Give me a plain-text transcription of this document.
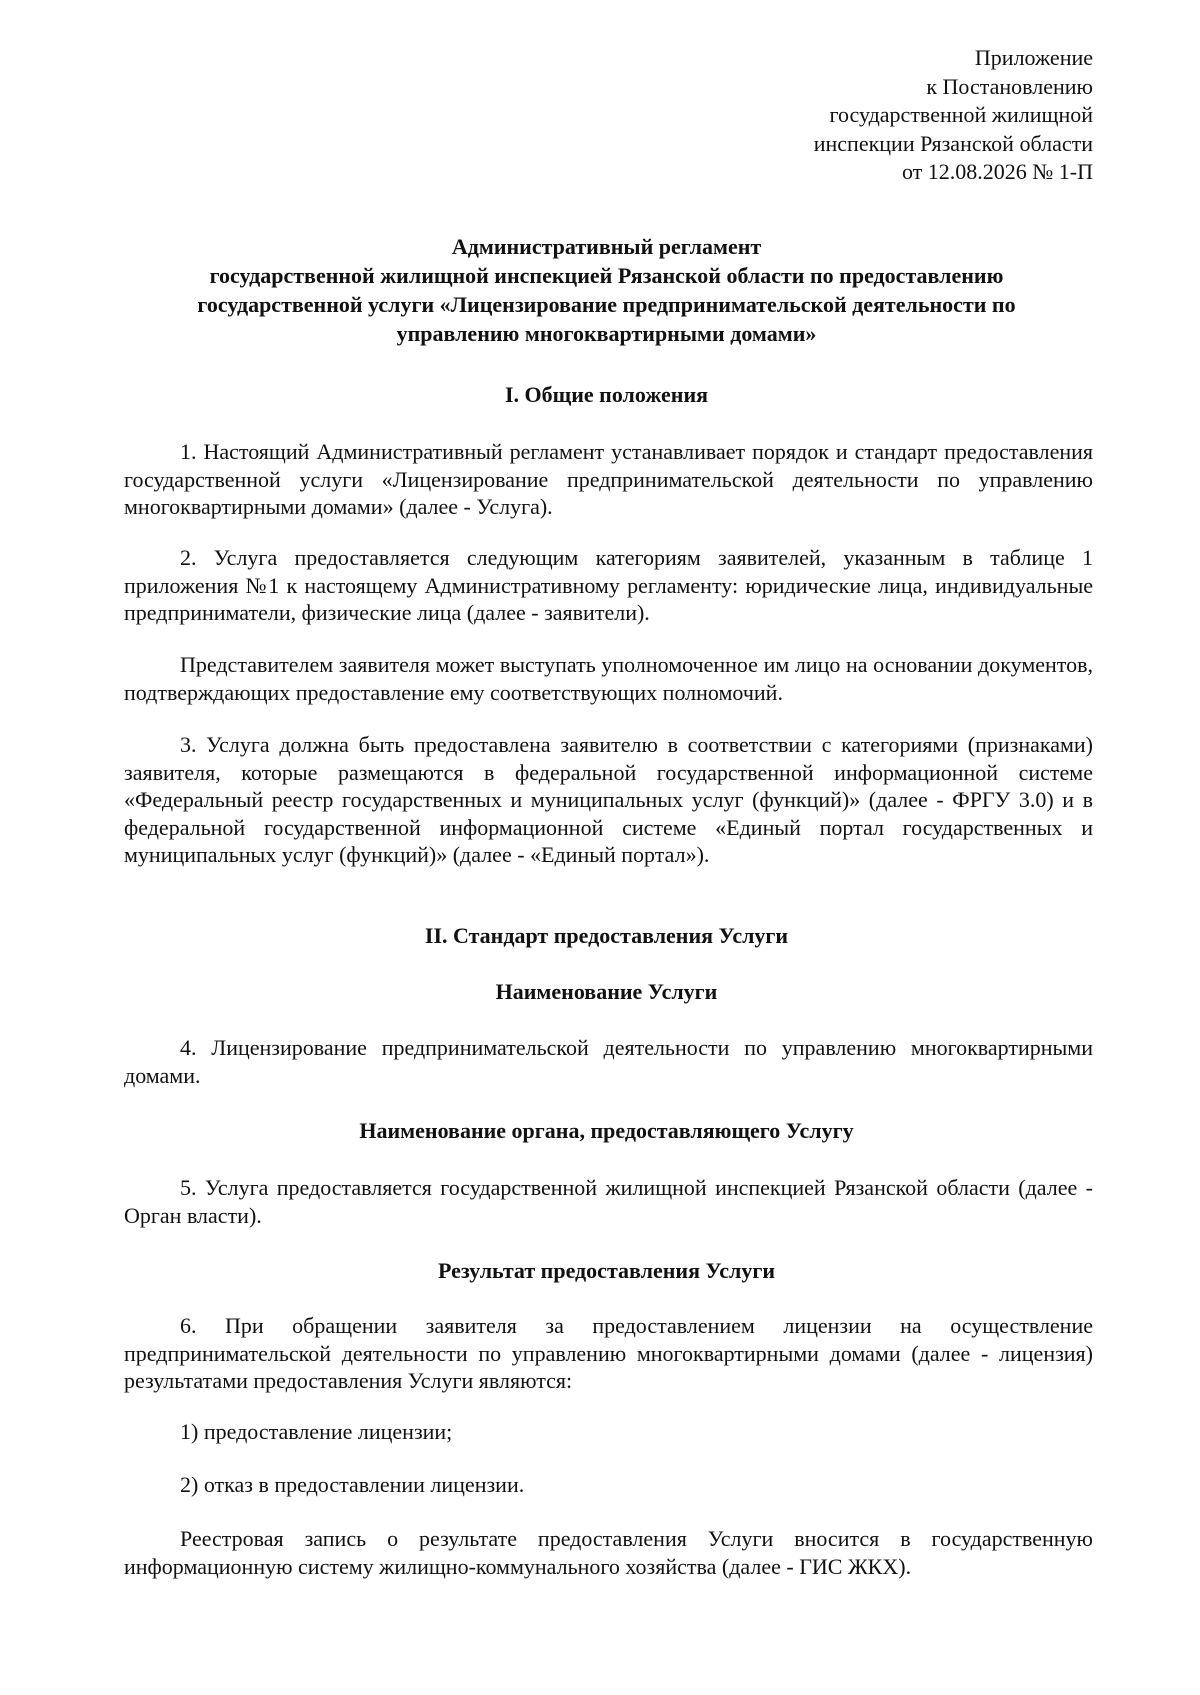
Приложение
к Постановлению
государственной жилищной
инспекции Рязанской области
от 12.08.2026 № 1-П
Административный регламент
государственной жилищной инспекцией Рязанской области по предоставлению
государственной услуги «Лицензирование предпринимательской деятельности по
управлению многоквартирными домами»
I. Общие положения
1. Настоящий Административный регламент устанавливает порядок и стандарт предоставления государственной услуги «Лицензирование предпринимательской деятельности по управлению многоквартирными домами» (далее - Услуга).
2. Услуга предоставляется следующим категориям заявителей, указанным в таблице 1 приложения №1 к настоящему Административному регламенту: юридические лица, индивидуальные предприниматели, физические лица (далее - заявители).
Представителем заявителя может выступать уполномоченное им лицо на основании документов, подтверждающих предоставление ему соответствующих полномочий.
3. Услуга должна быть предоставлена заявителю в соответствии с категориями (признаками) заявителя, которые размещаются в федеральной государственной информационной системе «Федеральный реестр государственных и муниципальных услуг (функций)» (далее - ФРГУ 3.0) и в федеральной государственной информационной системе «Единый портал государственных и муниципальных услуг (функций)» (далее - «Единый портал»).
II. Стандарт предоставления Услуги
Наименование Услуги
4. Лицензирование предпринимательской деятельности по управлению многоквартирными домами.
Наименование органа, предоставляющего Услугу
5. Услуга предоставляется государственной жилищной инспекцией Рязанской области (далее - Орган власти).
Результат предоставления Услуги
6. При обращении заявителя за предоставлением лицензии на осуществление предпринимательской деятельности по управлению многоквартирными домами (далее - лицензия) результатами предоставления Услуги являются:
1) предоставление лицензии;
2) отказ в предоставлении лицензии.
Реестровая запись о результате предоставления Услуги вносится в государственную информационную систему жилищно-коммунального хозяйства (далее - ГИС ЖКХ).
